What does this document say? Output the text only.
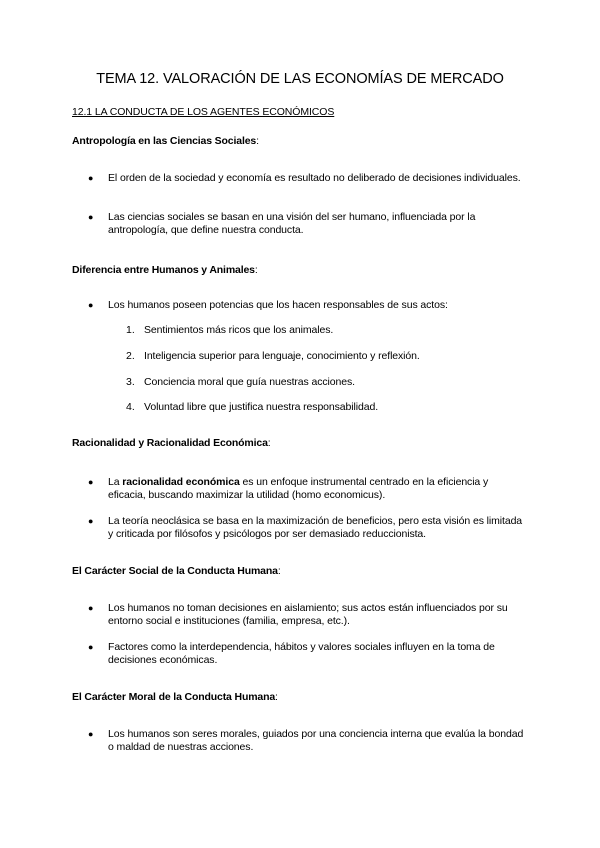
TEMA 12. VALORACIÓN DE LAS ECONOMÍAS DE MERCADO
12.1 LA CONDUCTA DE LOS AGENTES ECONÓMICOS
Antropología en las Ciencias Sociales:
● El orden de la sociedad y economía es resultado no deliberado de decisiones individuales.
● Las ciencias sociales se basan en una visión del ser humano, influenciada por la antropología, que define nuestra conducta.
Diferencia entre Humanos y Animales:
● Los humanos poseen potencias que los hacen responsables de sus actos:
1. Sentimientos más ricos que los animales.
2. Inteligencia superior para lenguaje, conocimiento y reflexión.
3. Conciencia moral que guía nuestras acciones.
4. Voluntad libre que justifica nuestra responsabilidad.
Racionalidad y Racionalidad Económica:
● La racionalidad económica es un enfoque instrumental centrado en la eficiencia y eficacia, buscando maximizar la utilidad (homo economicus).
● La teoría neoclásica se basa en la maximización de beneficios, pero esta visión es limitada y criticada por filósofos y psicólogos por ser demasiado reduccionista.
El Carácter Social de la Conducta Humana:
● Los humanos no toman decisiones en aislamiento; sus actos están influenciados por su entorno social e instituciones (familia, empresa, etc.).
● Factores como la interdependencia, hábitos y valores sociales influyen en la toma de decisiones económicas.
El Carácter Moral de la Conducta Humana:
● Los humanos son seres morales, guiados por una conciencia interna que evalúa la bondad o maldad de nuestras acciones.
